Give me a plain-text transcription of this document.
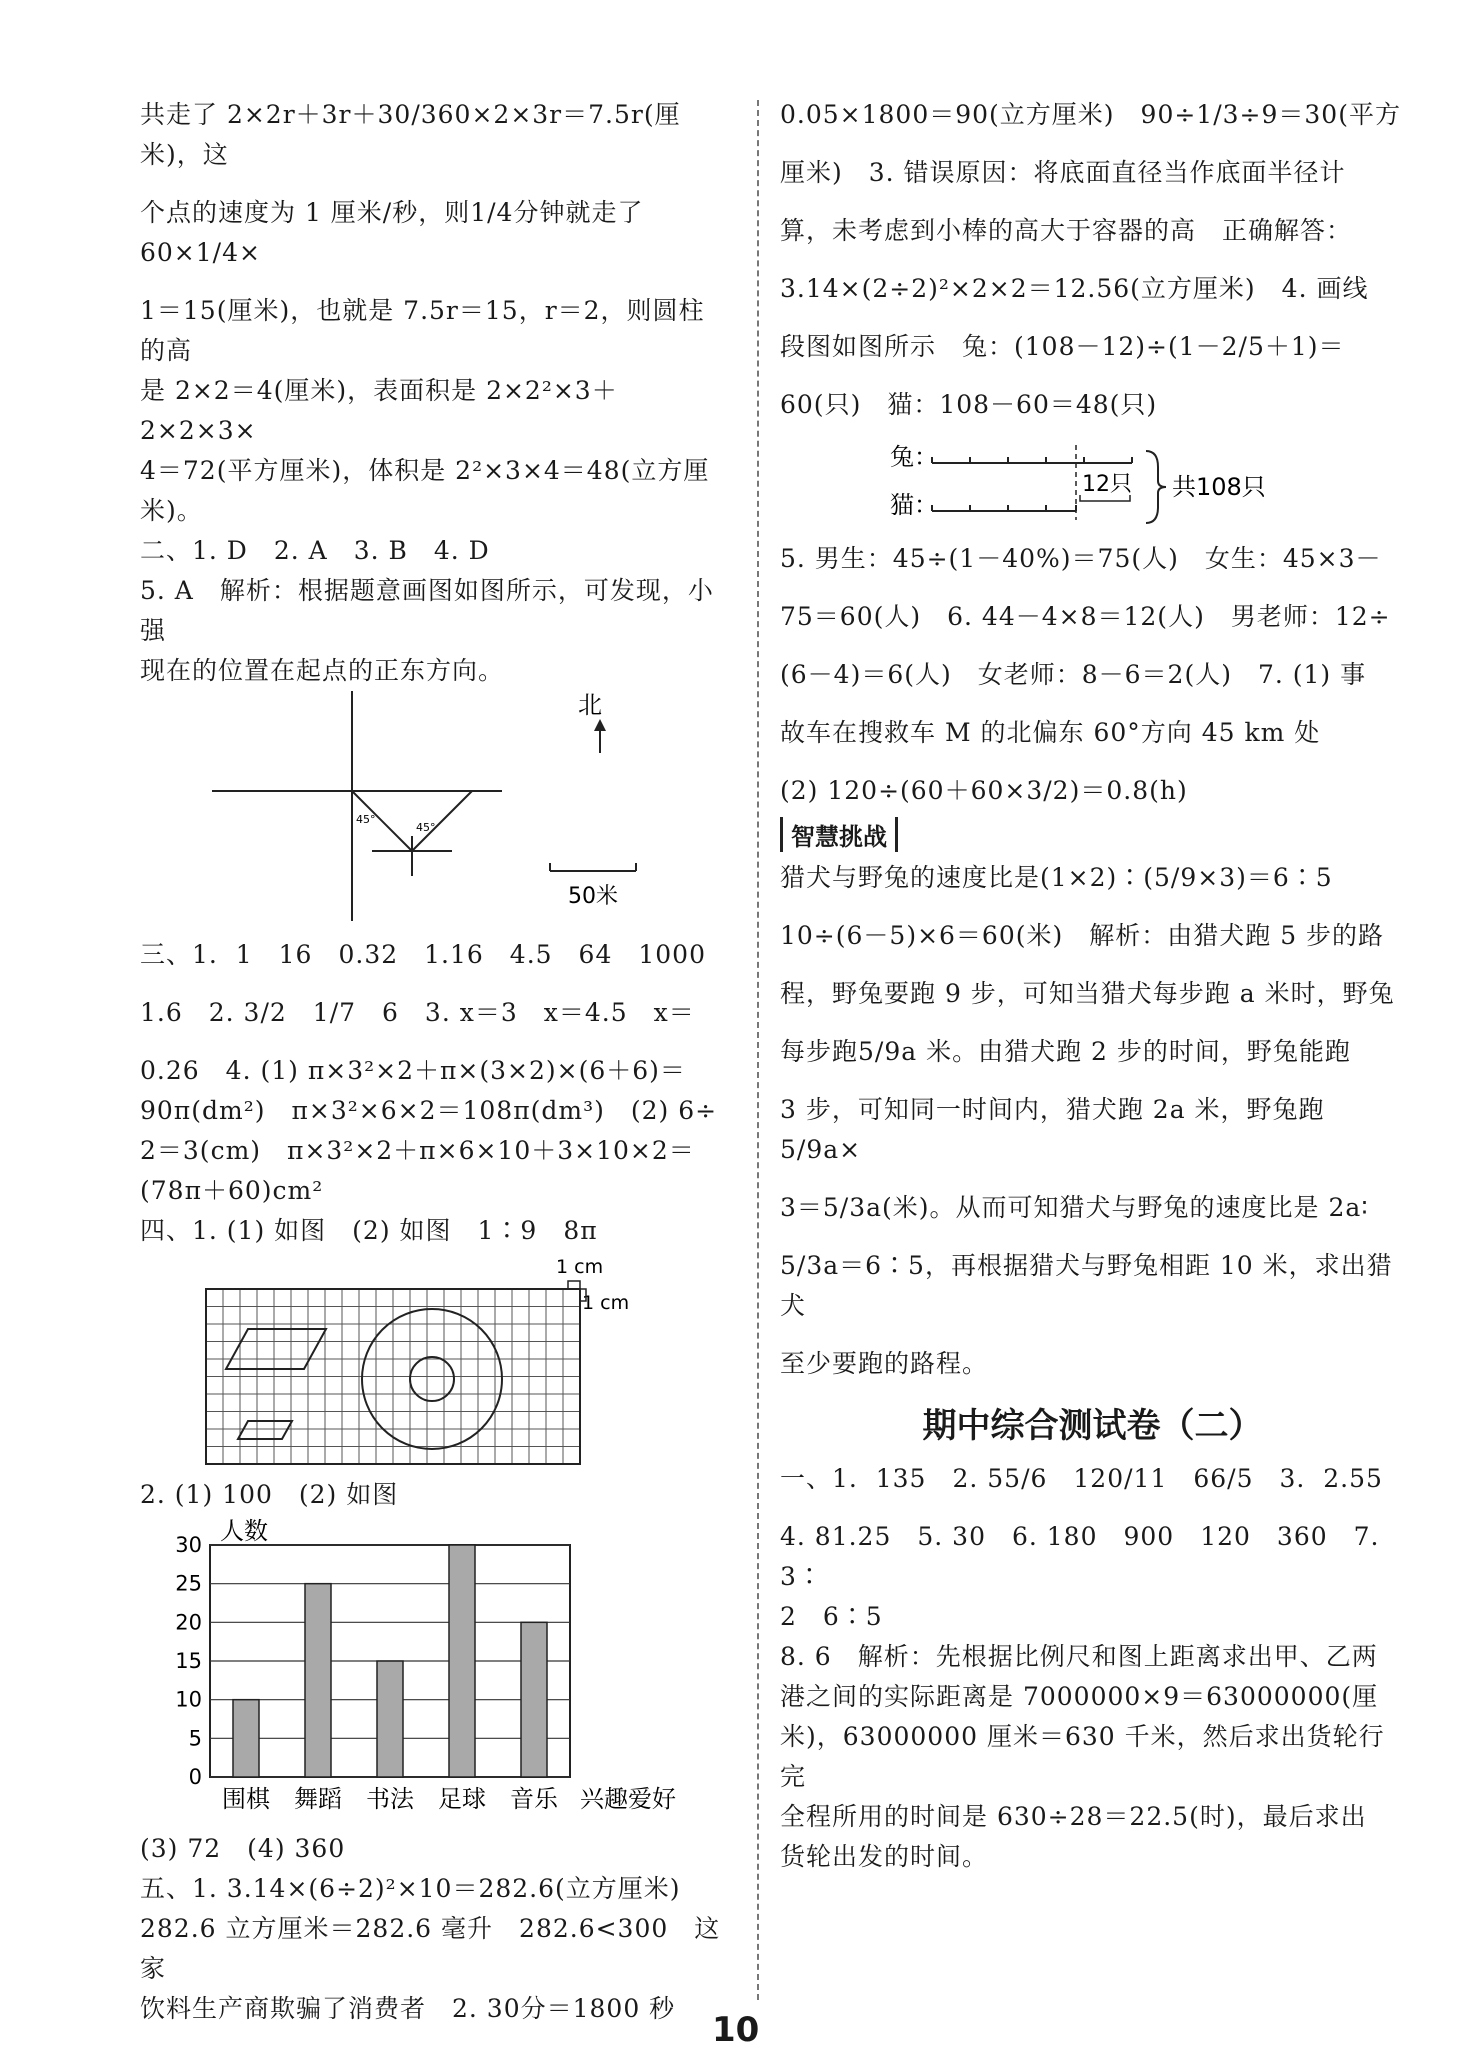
共走了 2×2r＋3r＋30/360×2×3r＝7.5r(厘米)，这
个点的速度为 1 厘米/秒，则1/4分钟就走了 60×1/4×
1＝15(厘米)，也就是 7.5r＝15，r＝2，则圆柱的高
是 2×2＝4(厘米)，表面积是 2×2²×3＋2×2×3×
4＝72(平方厘米)，体积是 2²×3×4＝48(立方厘米)。
二、1. D　2. A　3. B　4. D
5. A　解析：根据题意画图如图所示，可发现，小强
现在的位置在起点的正东方向。
45°
45°
北
50米
三、1.  1　16　0.32　1.16　4.5　64　1000
1.6　2. 3/2　1/7　6　3. x＝3　x＝4.5　x＝
0.26　4. (1) π×3²×2＋π×(3×2)×(6＋6)＝
90π(dm²)　π×3²×6×2＝108π(dm³)　(2) 6÷
2＝3(cm)　π×3²×2＋π×6×10＋3×10×2＝
(78π＋60)cm²
四、1. (1) 如图　(2) 如图　1∶9　8π
1 cm
1 cm
2. (1) 100　(2) 如图
0
5
10
15
20
25
30
围棋 舞蹈 书法 足球 音乐
人数
兴趣爱好
(3) 72　(4) 360
五、1. 3.14×(6÷2)²×10＝282.6(立方厘米)
282.6 立方厘米＝282.6 毫升　282.6<300　这家
饮料生产商欺骗了消费者　2. 30分＝1800 秒
0.05×1800＝90(立方厘米)　90÷1/3÷9＝30(平方
厘米)　3. 错误原因：将底面直径当作底面半径计
算，未考虑到小棒的高大于容器的高　正确解答：
3.14×(2÷2)²×2×2＝12.56(立方厘米)　4. 画线
段图如图所示　兔：(108－12)÷(1－2/5＋1)＝
60(只)　猫：108－60＝48(只)
兔：
猫：
12只 共108只
5. 男生：45÷(1－40%)＝75(人)　女生：45×3－
75＝60(人)　6. 44－4×8＝12(人)　男老师：12÷
(6－4)＝6(人)　女老师：8－6＝2(人)　7. (1) 事
故车在搜救车 M 的北偏东 60°方向 45 km 处
(2) 120÷(60＋60×3/2)＝0.8(h)
智慧挑战
猎犬与野兔的速度比是(1×2)∶(5/9×3)＝6∶5
10÷(6－5)×6＝60(米)　解析：由猎犬跑 5 步的路
程，野兔要跑 9 步，可知当猎犬每步跑 a 米时，野兔
每步跑5/9a 米。由猎犬跑 2 步的时间，野兔能跑
3 步，可知同一时间内，猎犬跑 2a 米，野兔跑5/9a×
3＝5/3a(米)。从而可知猎犬与野兔的速度比是 2a∶
5/3a＝6∶5，再根据猎犬与野兔相距 10 米，求出猎犬
至少要跑的路程。
期中综合测试卷（二）
一、1.  135　2. 55/6　120/11　66/5　3.  2.55
4. 81.25　5. 30　6. 180　900　120　360　7. 3∶
2　6∶5
8. 6　解析：先根据比例尺和图上距离求出甲、乙两
港之间的实际距离是 7000000×9＝63000000(厘
米)，63000000 厘米＝630 千米，然后求出货轮行完
全程所用的时间是 630÷28＝22.5(时)，最后求出
货轮出发的时间。
10
